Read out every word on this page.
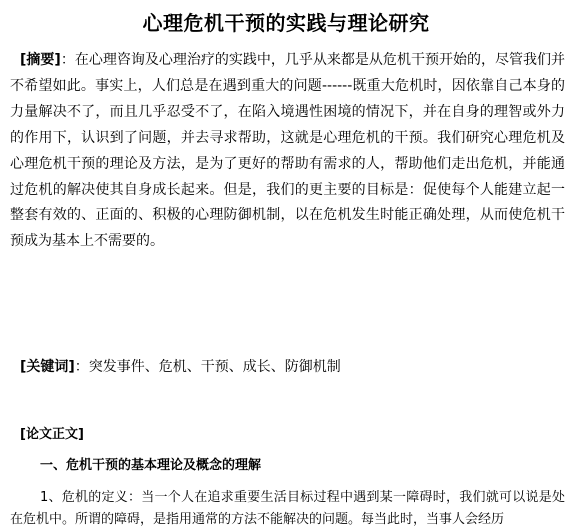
心理危机干预的实践与理论研究

[摘要]：在心理咨询及心理治疗的实践中，几乎从来都是从危机干预开始的，尽管我们并不希望如此。事实上，人们总是在遇到重大的问题------既重大危机时，因依靠自己本身的力量解决不了，而且几乎忍受不了，在陷入境遇性困境的情况下，并在自身的理智或外力的作用下，认识到了问题，并去寻求帮助，这就是心理危机的干预。我们研究心理危机及心理危机干预的理论及方法，是为了更好的帮助有需求的人，帮助他们走出危机，并能通过危机的解决使其自身成长起来。但是，我们的更主要的目标是：促使每个人能建立起一整套有效的、正面的、积极的心理防御机制，以在危机发生时能正确处理，从而使危机干预成为基本上不需要的。

[关键词]：突发事件、危机、干预、成长、防御机制
[论文正文]
一、危机干预的基本理论及概念的理解

1、危机的定义：当一个人在追求重要生活目标过程中遇到某一障碍时，我们就可以说是处在危机中。所谓的障碍，是指用通常的方法不能解决的问题。每当此时，当事人会经历
